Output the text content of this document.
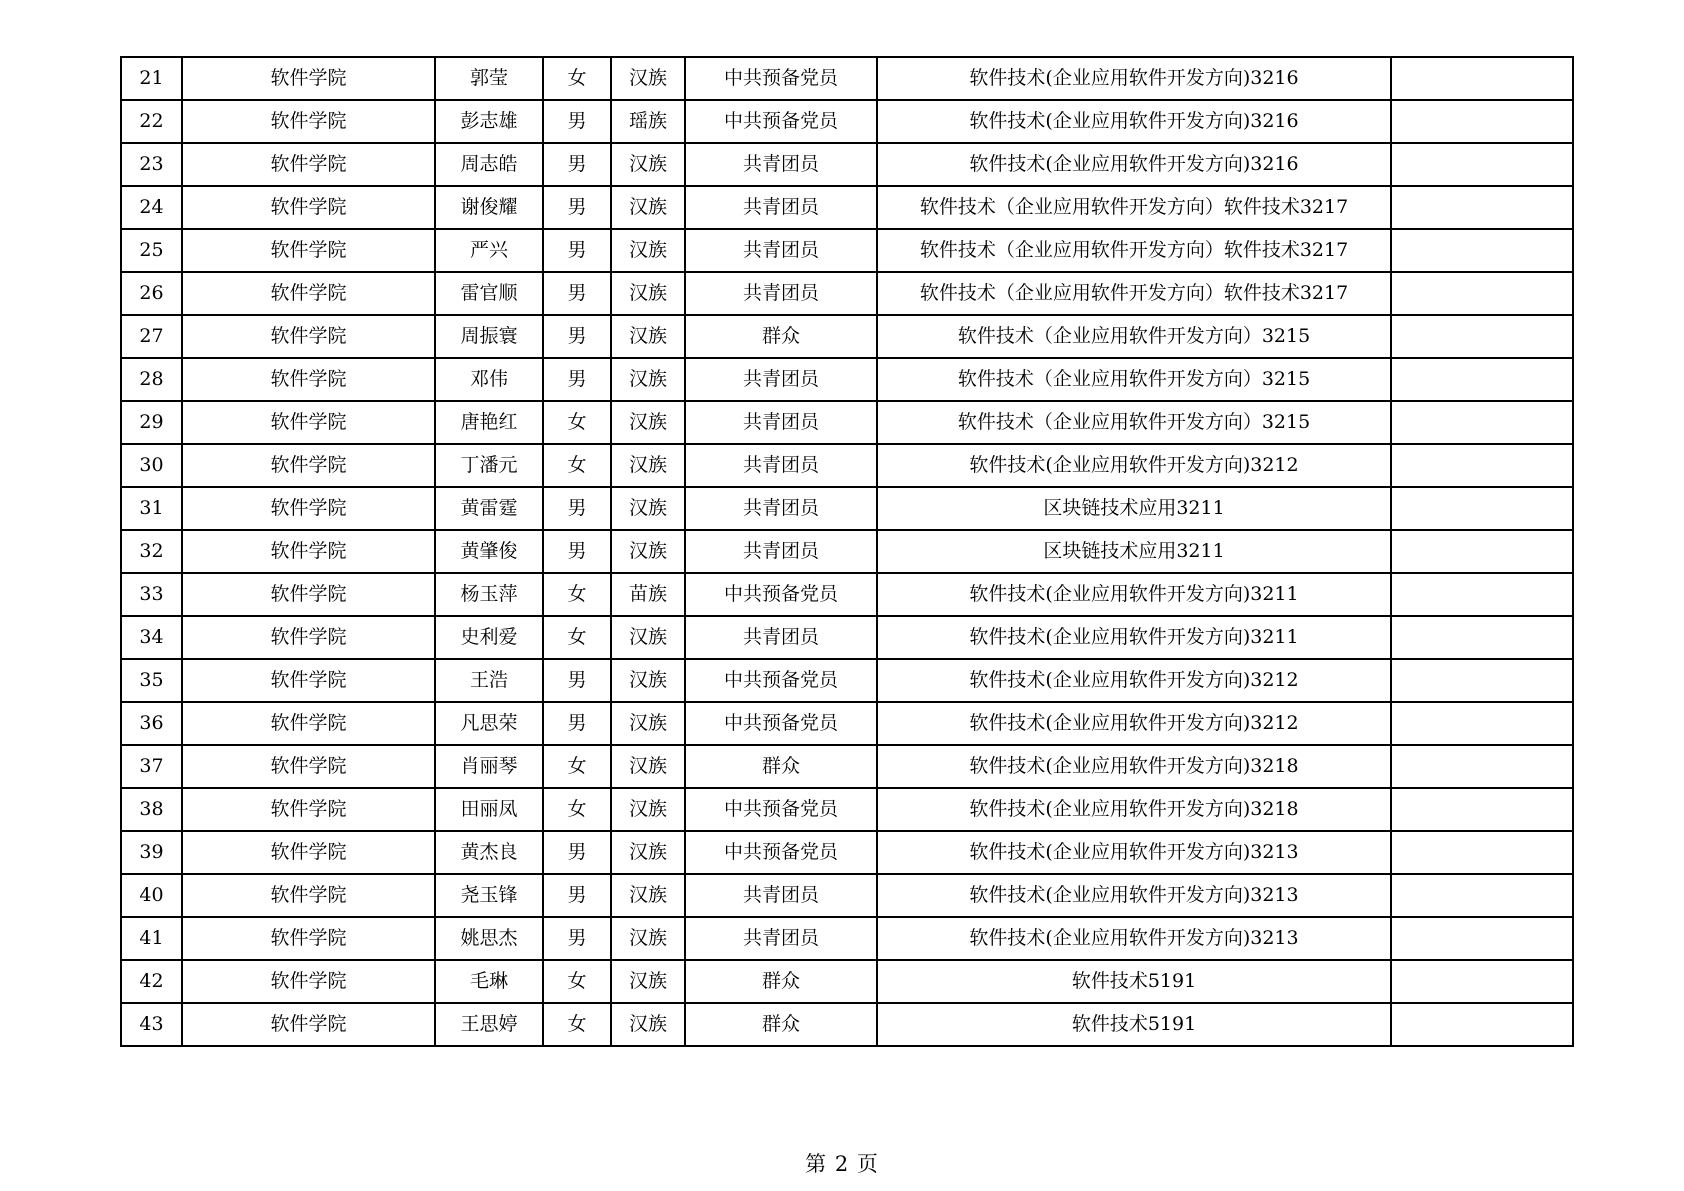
21	软件学院	郭莹	女	汉族	中共预备党员	软件技术(企业应用软件开发方向)3216	
22	软件学院	彭志雄	男	瑶族	中共预备党员	软件技术(企业应用软件开发方向)3216	
23	软件学院	周志皓	男	汉族	共青团员	软件技术(企业应用软件开发方向)3216	
24	软件学院	谢俊耀	男	汉族	共青团员	软件技术（企业应用软件开发方向）软件技术3217	
25	软件学院	严兴	男	汉族	共青团员	软件技术（企业应用软件开发方向）软件技术3217	
26	软件学院	雷官顺	男	汉族	共青团员	软件技术（企业应用软件开发方向）软件技术3217	
27	软件学院	周振寰	男	汉族	群众	软件技术（企业应用软件开发方向）3215	
28	软件学院	邓伟	男	汉族	共青团员	软件技术（企业应用软件开发方向）3215	
29	软件学院	唐艳红	女	汉族	共青团员	软件技术（企业应用软件开发方向）3215	
30	软件学院	丁潘元	女	汉族	共青团员	软件技术(企业应用软件开发方向)3212	
31	软件学院	黄雷霆	男	汉族	共青团员	区块链技术应用3211	
32	软件学院	黄肇俊	男	汉族	共青团员	区块链技术应用3211	
33	软件学院	杨玉萍	女	苗族	中共预备党员	软件技术(企业应用软件开发方向)3211	
34	软件学院	史利爱	女	汉族	共青团员	软件技术(企业应用软件开发方向)3211	
35	软件学院	王浩	男	汉族	中共预备党员	软件技术(企业应用软件开发方向)3212	
36	软件学院	凡思荣	男	汉族	中共预备党员	软件技术(企业应用软件开发方向)3212	
37	软件学院	肖丽琴	女	汉族	群众	软件技术(企业应用软件开发方向)3218	
38	软件学院	田丽凤	女	汉族	中共预备党员	软件技术(企业应用软件开发方向)3218	
39	软件学院	黄杰良	男	汉族	中共预备党员	软件技术(企业应用软件开发方向)3213	
40	软件学院	尧玉锋	男	汉族	共青团员	软件技术(企业应用软件开发方向)3213	
41	软件学院	姚思杰	男	汉族	共青团员	软件技术(企业应用软件开发方向)3213	
42	软件学院	毛琳	女	汉族	群众	软件技术5191	
43	软件学院	王思婷	女	汉族	群众	软件技术5191	
第 2 页
